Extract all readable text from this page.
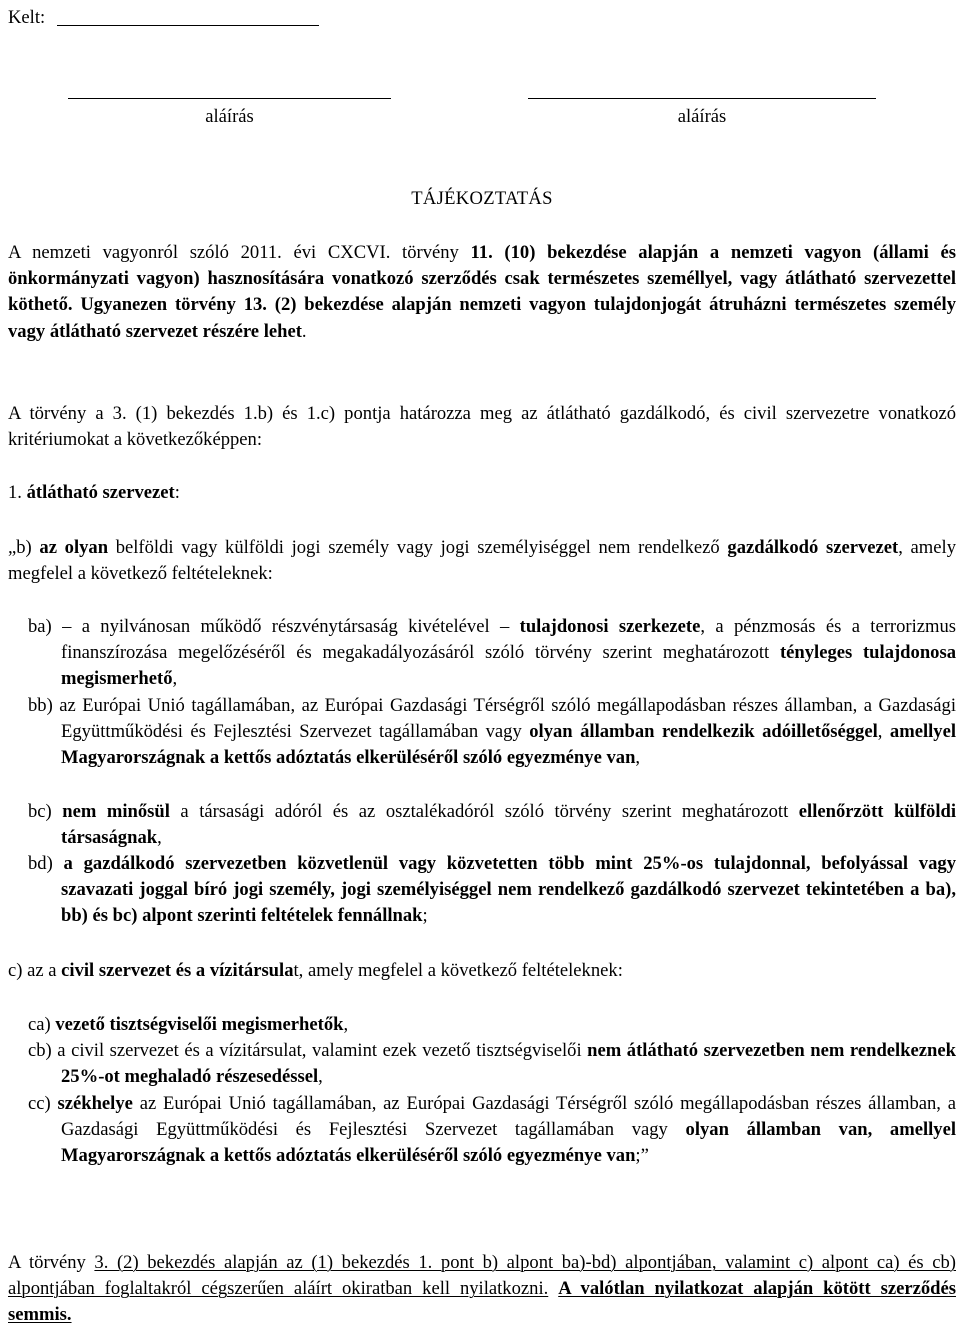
Kelt:
aláírás	aláírás
TÁJÉKOZTATÁS

A nemzeti vagyonról szóló 2011. évi CXCVI. törvény 11. (10) bekezdése alapján a nemzeti vagyon (állami és önkormányzati vagyon) hasznosítására vonatkozó szerződés csak természetes személlyel, vagy átlátható szervezettel köthető. Ugyanezen törvény 13. (2) bekezdése alapján nemzeti vagyon tulajdonjogát átruházni természetes személy vagy átlátható szervezet részére lehet.

A törvény a 3. (1) bekezdés 1.b) és 1.c) pontja határozza meg az átlátható gazdálkodó, és civil szervezetre vonatkozó kritériumokat a következőképpen:

1. átlátható szervezet:

„b) az olyan belföldi vagy külföldi jogi személy vagy jogi személyiséggel nem rendelkező gazdálkodó szervezet, amely megfelel a következő feltételeknek:

ba) – a nyilvánosan működő részvénytársaság kivételével – tulajdonosi szerkezete, a pénzmosás és a terrorizmus finanszírozása megelőzéséről és megakadályozásáról szóló törvény szerint meghatározott tényleges tulajdonosa megismerhető,

bb) az Európai Unió tagállamában, az Európai Gazdasági Térségről szóló megállapodásban részes államban, a Gazdasági Együttműködési és Fejlesztési Szervezet tagállamában vagy olyan államban rendelkezik adóilletőséggel, amellyel Magyarországnak a kettős adóztatás elkerüléséről szóló egyezménye van,

bc) nem minősül a társasági adóról és az osztalékadóról szóló törvény szerint meghatározott ellenőrzött külföldi társaságnak,

bd) a gazdálkodó szervezetben közvetlenül vagy közvetetten több mint 25%-os tulajdonnal, befolyással vagy szavazati joggal bíró jogi személy, jogi személyiséggel nem rendelkező gazdálkodó szervezet tekintetében a ba), bb) és bc) alpont szerinti feltételek fennállnak;

c) az a civil szervezet és a vízitársulat, amely megfelel a következő feltételeknek:

ca) vezető tisztségviselői megismerhetők,

cb) a civil szervezet és a vízitársulat, valamint ezek vezető tisztségviselői nem átlátható szervezetben nem rendelkeznek 25%-ot meghaladó részesedéssel,

cc) székhelye az Európai Unió tagállamában, az Európai Gazdasági Térségről szóló megállapodásban részes államban, a Gazdasági Együttműködési és Fejlesztési Szervezet tagállamában vagy olyan államban van, amellyel Magyarországnak a kettős adóztatás elkerüléséről szóló egyezménye van;”

A törvény 3. (2) bekezdés alapján az (1) bekezdés 1. pont b) alpont ba)-bd) alpontjában, valamint c) alpont ca) és cb) alpontjában foglaltakról cégszerűen aláírt okiratban kell nyilatkozni. A valótlan nyilatkozat alapján kötött szerződés semmis.
